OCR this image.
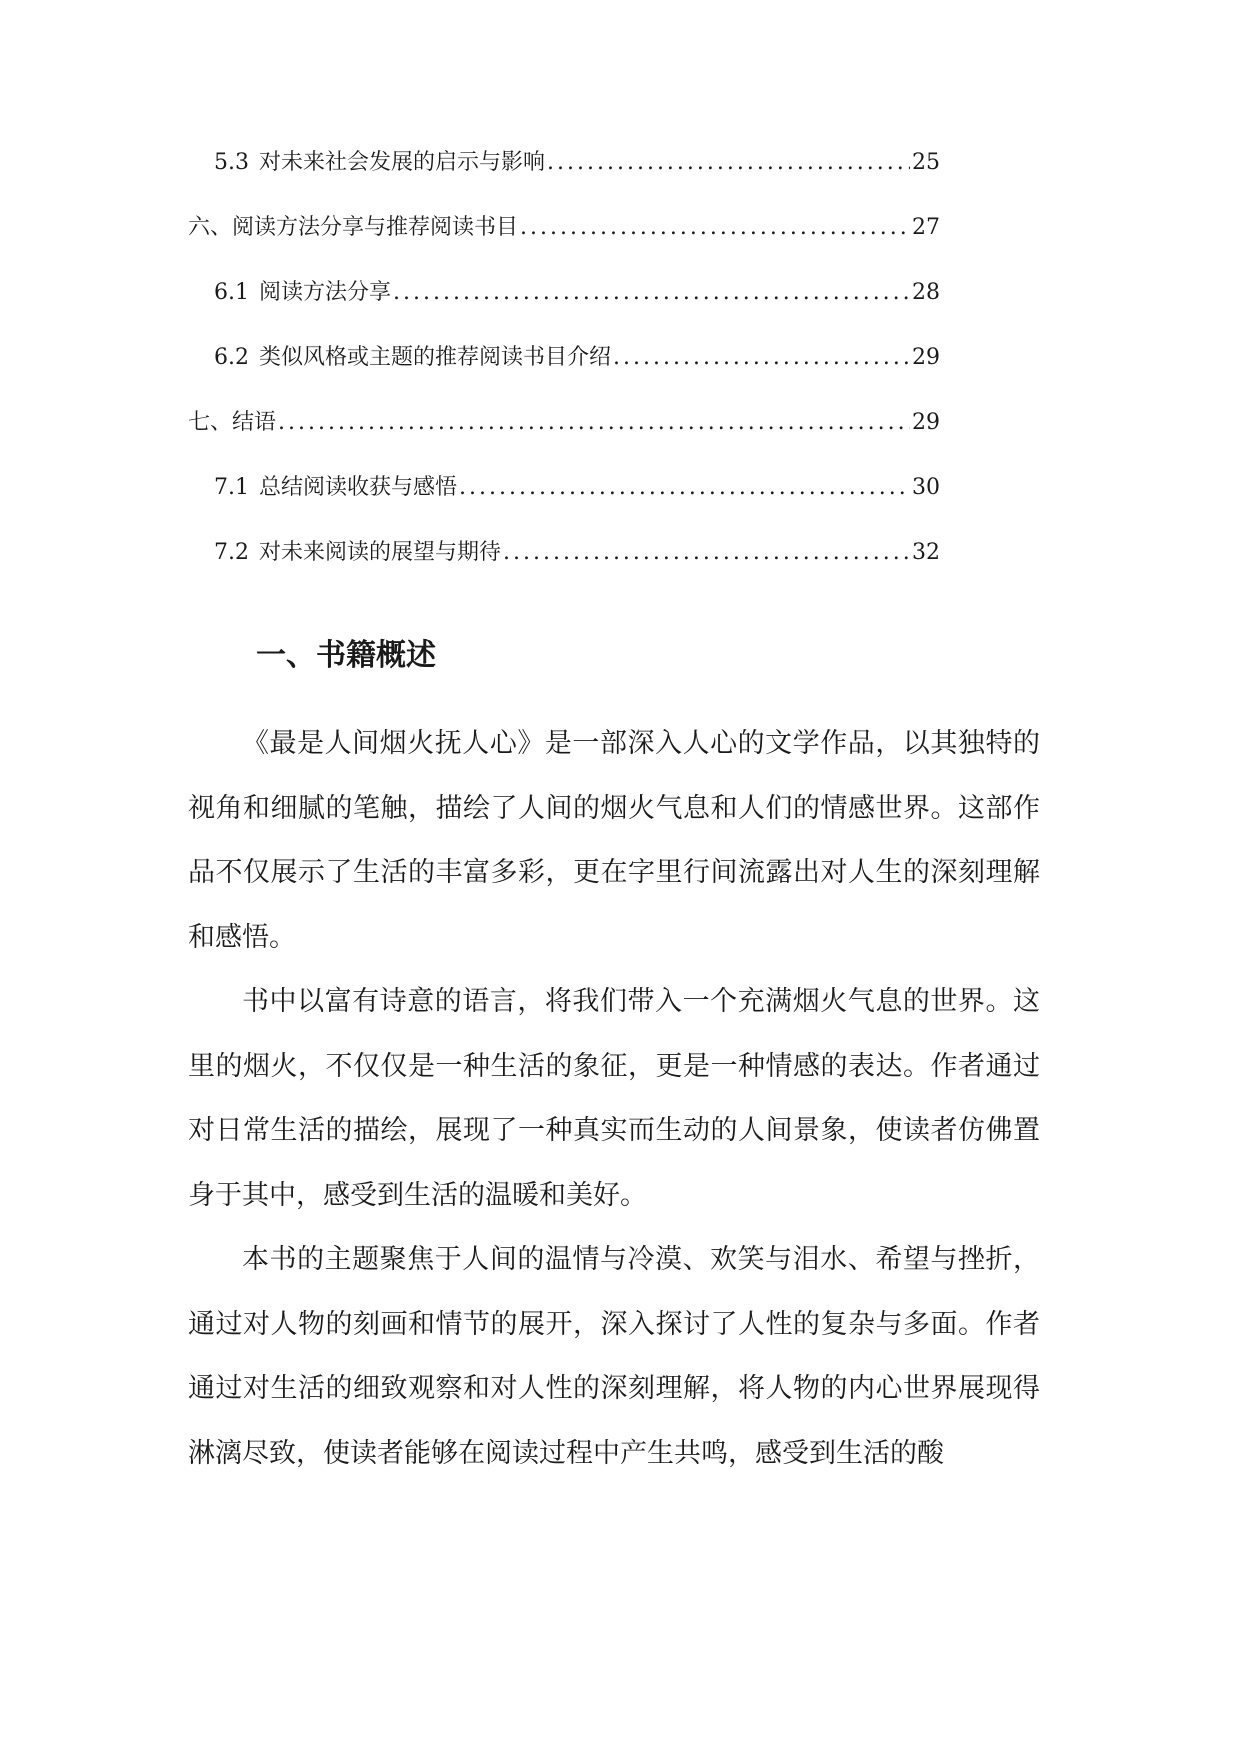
5.3 对未来社会发展的启示与影响 .....	25
六、阅读方法分享与推荐阅读书目 .....	27
6.1 阅读方法分享 .....	28
6.2 类似风格或主题的推荐阅读书目介绍 .....	29
七、结语 .....	29
7.1 总结阅读收获与感悟 .....	30
7.2 对未来阅读的展望与期待 .....	32
一、书籍概述

《最是人间烟火抚人心》是一部深入人心的文学作品，以其独特的视角和细腻的笔触，描绘了人间的烟火气息和人们的情感世界。这部作品不仅展示了生活的丰富多彩，更在字里行间流露出对人生的深刻理解和感悟。

书中以富有诗意的语言，将我们带入一个充满烟火气息的世界。这里的烟火，不仅仅是一种生活的象征，更是一种情感的表达。作者通过对日常生活的描绘，展现了一种真实而生动的人间景象，使读者仿佛置身于其中，感受到生活的温暖和美好。

本书的主题聚焦于人间的温情与冷漠、欢笑与泪水、希望与挫折，通过对人物的刻画和情节的展开，深入探讨了人性的复杂与多面。作者通过对生活的细致观察和对人性的深刻理解，将人物的内心世界展现得淋漓尽致，使读者能够在阅读过程中产生共鸣，感受到生活的酸
